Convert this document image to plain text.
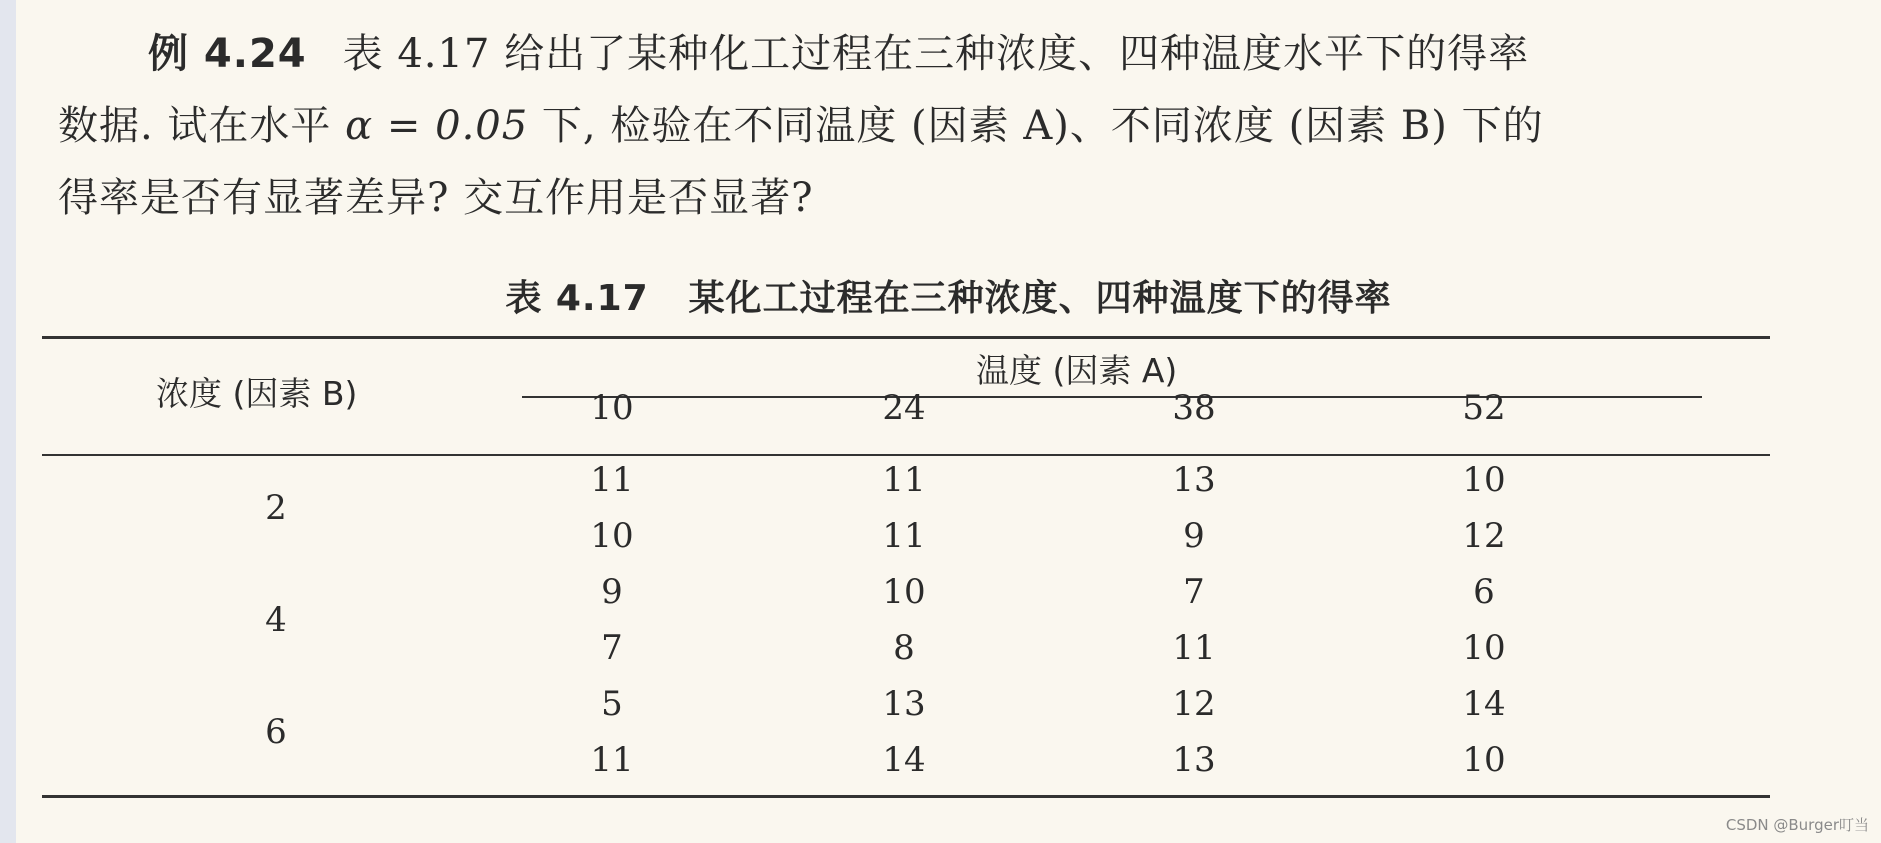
例 4.24 表 4.17 给出了某种化工过程在三种浓度、四种温度水平下的得率
数据. 试在水平 α = 0.05 下, 检验在不同温度 (因素 A)、不同浓度 (因素 B) 下的
得率是否有显著差异? 交互作用是否显著?
表 4.17 某化工过程在三种浓度、四种温度下的得率
浓度 (因素 B)
温度 (因素 A)
10	24	38	52
2
11	11	13	10
10	11	9	12
4
9	10	7	6
7	8	11	10
6
5	13	12	14
11	14	13	10
CSDN @Burger叮当
